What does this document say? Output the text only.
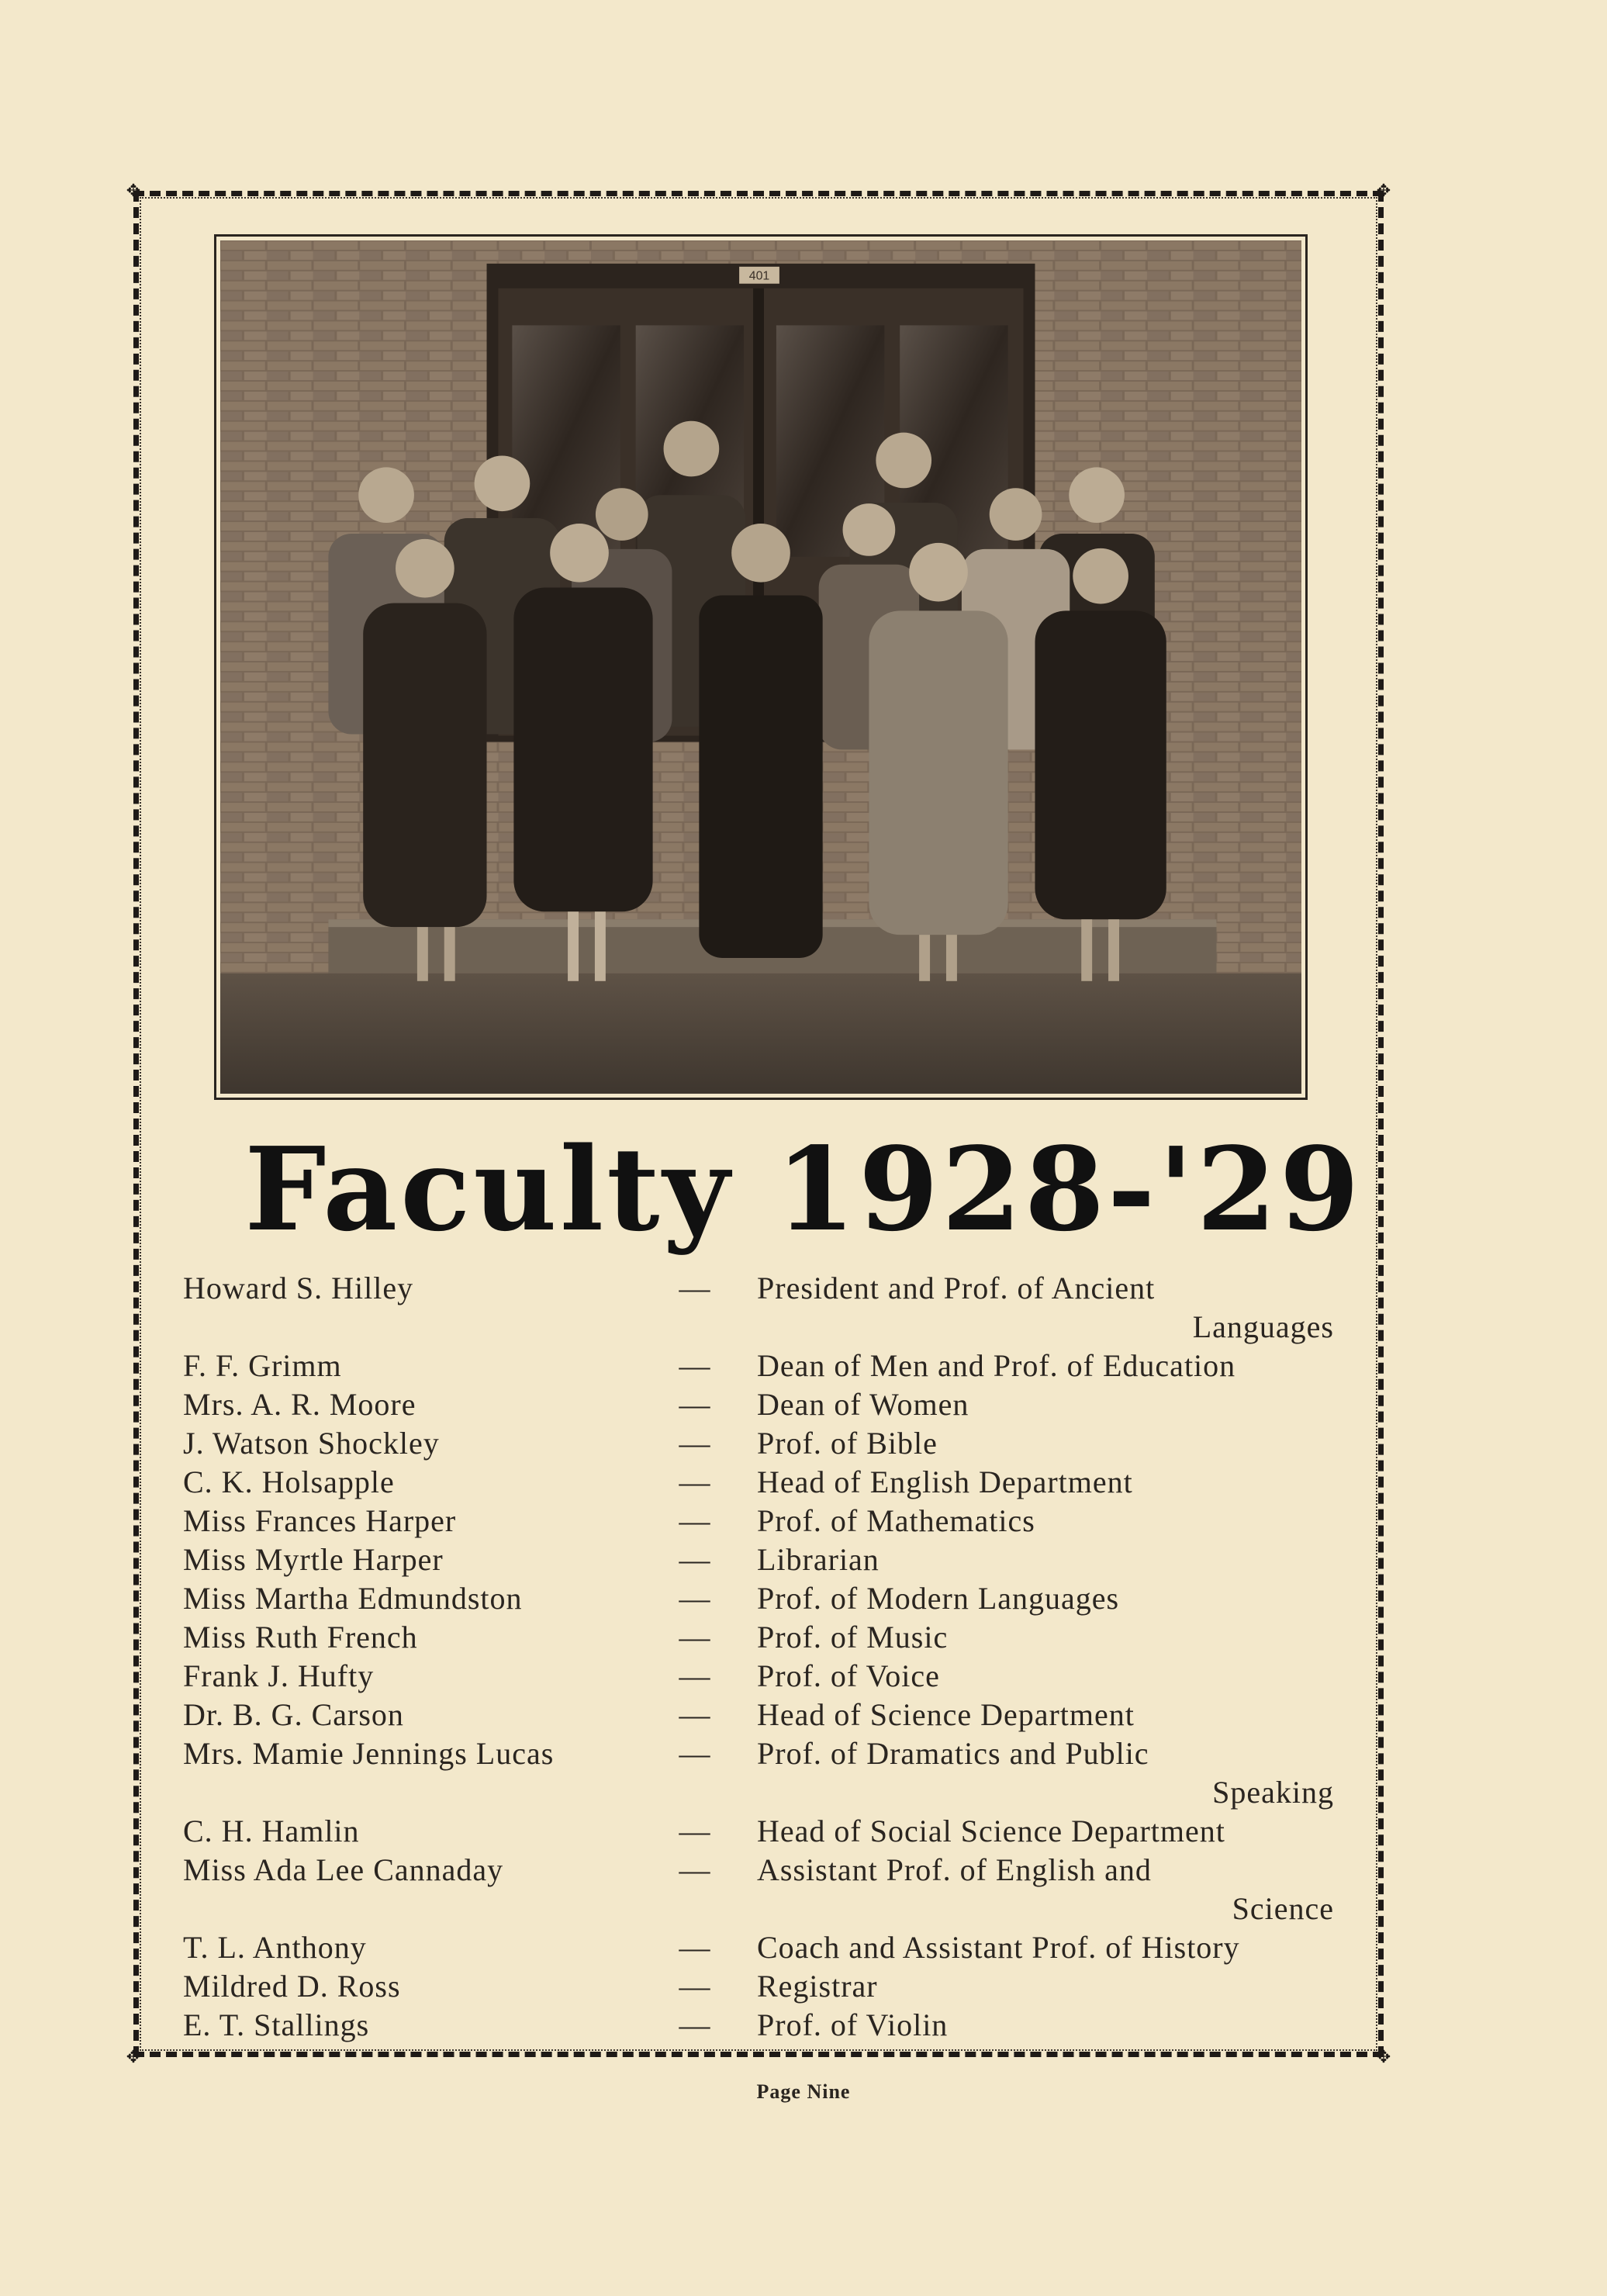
✥	✥
✥	✥
401
Faculty 1928-'29
Howard S. Hilley	—	President and Prof. of Ancient
Languages
F. F. Grimm	—	Dean of Men and Prof. of Education
Mrs. A. R. Moore	—	Dean of Women
J. Watson Shockley	—	Prof. of Bible
C. K. Holsapple	—	Head of English Department
Miss Frances Harper	—	Prof. of Mathematics
Miss Myrtle Harper	—	Librarian
Miss Martha Edmundston	—	Prof. of Modern Languages
Miss Ruth French	—	Prof. of Music
Frank J. Hufty	—	Prof. of Voice
Dr. B. G. Carson	—	Head of Science Department
Mrs. Mamie Jennings Lucas	—	Prof. of Dramatics and Public
Speaking
C. H. Hamlin	—	Head of Social Science Department
Miss Ada Lee Cannaday	—	Assistant Prof. of English and
Science
T. L. Anthony	—	Coach and Assistant Prof. of History
Mildred D. Ross	—	Registrar
E. T. Stallings	—	Prof. of Violin
Page Nine
